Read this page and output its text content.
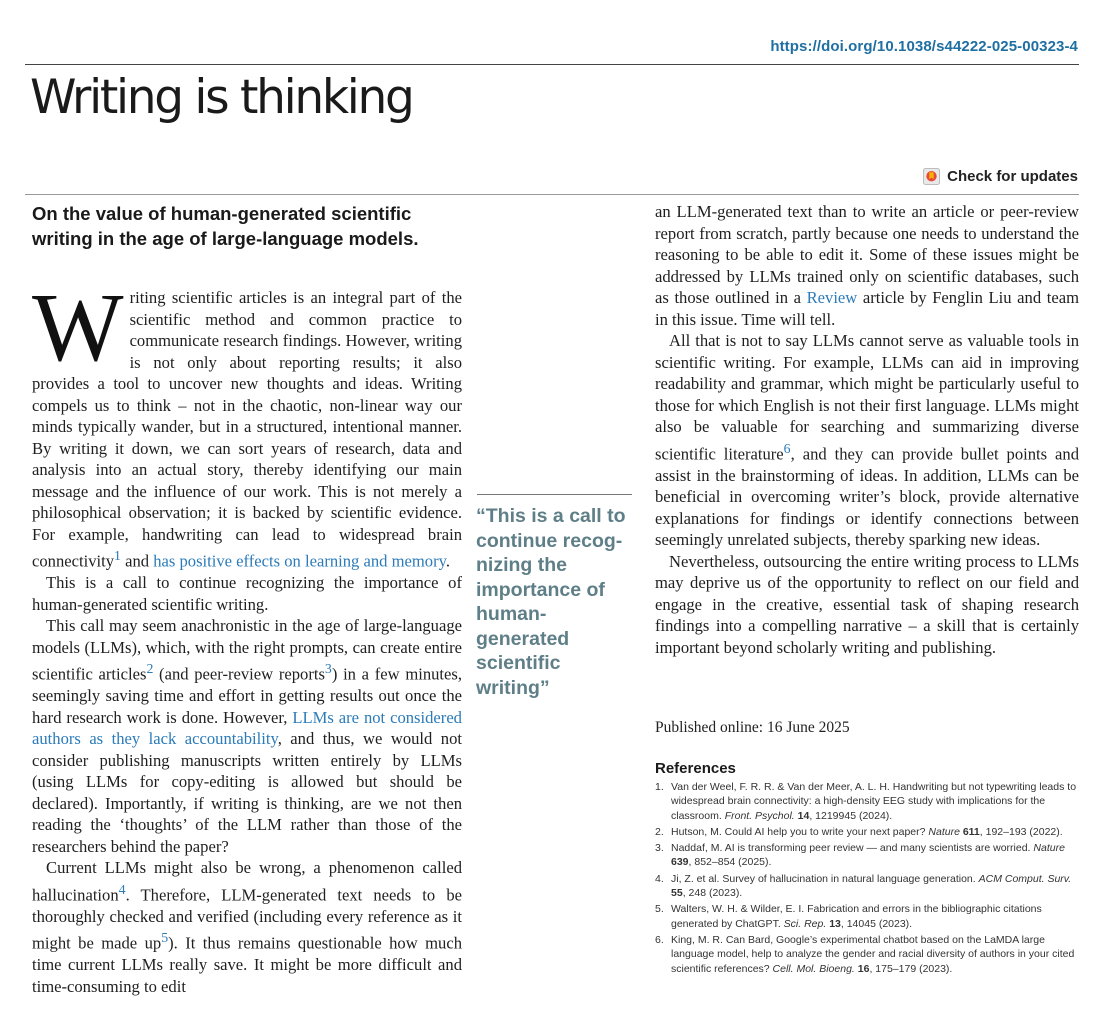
https://doi.org/10.1038/s44222-025-00323-4
Writing is thinking
Check for updates
On the value of human-generated scientific writing in the age of large-language models.

Writing scientific articles is an integral part of the scientific method and common practice to communicate research findings. However, writing is not only about reporting results; it also provides a tool to uncover new thoughts and ideas. Writing compels us to think – not in the chaotic, non-linear way our minds typically wander, but in a structured, intentional manner. By writing it down, we can sort years of research, data and analysis into an actual story, thereby identifying our main message and the influence of our work. This is not merely a philosophical observation; it is backed by scientific evidence. For example, handwriting can lead to widespread brain connectivity$^1$ and has positive effects on learning and memory.

This is a call to continue recognizing the importance of human-generated scientific writing.

This call may seem anachronistic in the age of large-language models (LLMs), which, with the right prompts, can create entire scientific articles$^2$ (and peer-review reports$^3$) in a few minutes, seemingly saving time and effort in getting results out once the hard research work is done. However, LLMs are not considered authors as they lack accountability, and thus, we would not consider publishing manuscripts written entirely by LLMs (using LLMs for copy-editing is allowed but should be declared). Importantly, if writing is thinking, are we not then reading the ‘thoughts’ of the LLM rather than those of the researchers behind the paper?

Current LLMs might also be wrong, a phenomenon called hallucination$^4$. Therefore, LLM-generated text needs to be thoroughly checked and verified (including every reference as it might be made $up^5$). It thus remains questionable how much time current LLMs really save. It might be more difficult and time-consuming to edit

“This is a call to continue recognizing the importance of human-generated scientific writing”

an LLM-generated text than to write an article or peer-review report from scratch, partly because one needs to understand the reasoning to be able to edit it. Some of these issues might be addressed by LLMs trained only on scientific databases, such as those outlined in a Review article by Fenglin Liu and team in this issue. Time will tell.

All that is not to say LLMs cannot serve as valuable tools in scientific writing. For example, LLMs can aid in improving readability and grammar, which might be particularly useful to those for which English is not their first language. LLMs might also be valuable for searching and summarizing diverse scientific literature$^6$, and they can provide bullet points and assist in the brainstorming of ideas. In addition, LLMs can be beneficial in overcoming writer’s block, provide alternative explanations for findings or identify connections between seemingly unrelated subjects, thereby sparking new ideas.

Nevertheless, outsourcing the entire writing process to LLMs may deprive us of the opportunity to reflect on our field and engage in the creative, essential task of shaping research findings into a compelling narrative – a skill that is certainly important beyond scholarly writing and publishing.

Published online: 16 June 2025
References
1. Van der Weel, F. R. R. & Van der Meer, A. L. H. Handwriting but not typewriting leads to widespread brain connectivity: a high-density EEG study with implications for the classroom. Front. Psychol. 14, 1219945 (2024).
2. Hutson, M. Could AI help you to write your next paper? Nature 611, 192–193 (2022).
3. Naddaf, M. AI is transforming peer review — and many scientists are worried. Nature 639, 852–854 (2025).
4. Ji, Z. et al. Survey of hallucination in natural language generation. ACM Comput. Surv. 55, 248 (2023).
5. Walters, W. H. & Wilder, E. I. Fabrication and errors in the bibliographic citations generated by ChatGPT. Sci. Rep. 13, 14045 (2023).
6. King, M. R. Can Bard, Google’s experimental chatbot based on the LaMDA large language model, help to analyze the gender and racial diversity of authors in your cited scientific references? Cell. Mol. Bioeng. 16, 175–179 (2023).
